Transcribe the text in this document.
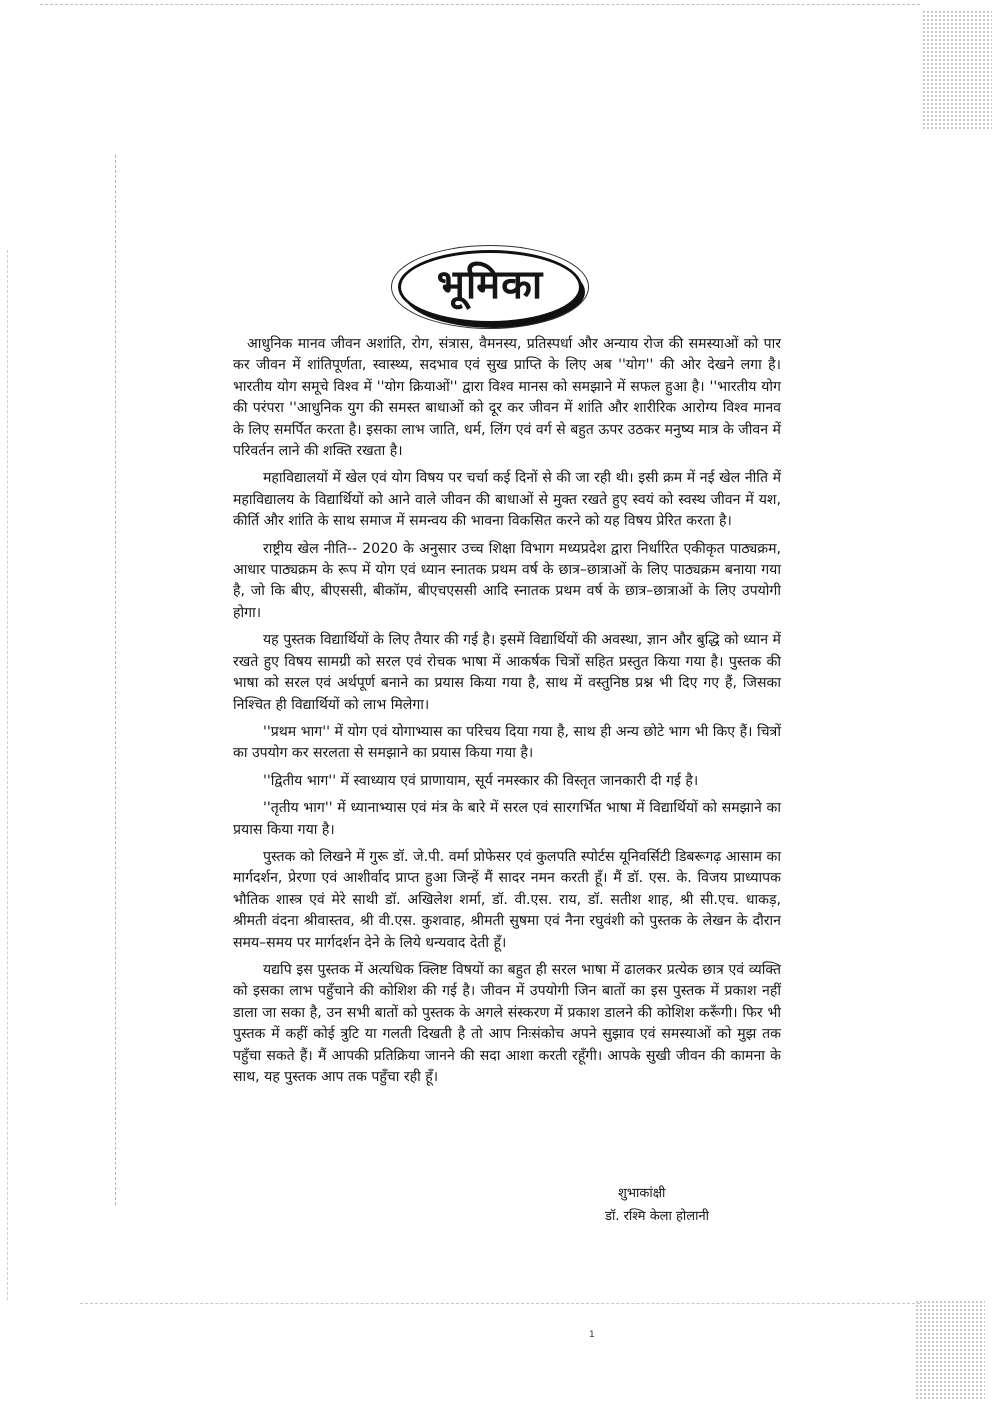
भूमिका

आधुनिक मानव जीवन अशांति, रोग, संत्रास, वैमनस्य, प्रतिस्पर्धा और अन्याय रोज की समस्याओं को पार कर जीवन में शांतिपूर्णता, स्वास्थ्य, सदभाव एवं सुख प्राप्ति के लिए अब ''योग'' की ओर देखने लगा है। भारतीय योग समूचे विश्व में ''योग क्रियाओं'' द्वारा विश्व मानस को समझाने में सफल हुआ है। ''भारतीय योग की परंपरा ''आधुनिक युग की समस्त बाधाओं को दूर कर जीवन में शांति और शारीरिक आरोग्य विश्व मानव के लिए समर्पित करता है। इसका लाभ जाति, धर्म, लिंग एवं वर्ग से बहुत ऊपर उठकर मनुष्य मात्र के जीवन में परिवर्तन लाने की शक्ति रखता है।

महाविद्यालयों में खेल एवं योग विषय पर चर्चा कई दिनों से की जा रही थी। इसी क्रम में नई खेल नीति में महाविद्यालय के विद्यार्थियों को आने वाले जीवन की बाधाओं से मुक्त रखते हुए स्वयं को स्वस्थ जीवन में यश, कीर्ति और शांति के साथ समाज में समन्वय की भावना विकसित करने को यह विषय प्रेरित करता है।

राष्ट्रीय खेल नीति-- 2020 के अनुसार उच्च शिक्षा विभाग मध्यप्रदेश द्वारा निर्धारित एकीकृत पाठ्यक्रम, आधार पाठ्यक्रम के रूप में योग एवं ध्यान स्नातक प्रथम वर्ष के छात्र–छात्राओं के लिए पाठ्यक्रम बनाया गया है, जो कि बीए, बीएससी, बीकॉम, बीएचएससी आदि स्नातक प्रथम वर्ष के छात्र–छात्राओं के लिए उपयोगी होगा।

यह पुस्तक विद्यार्थियों के लिए तैयार की गई है। इसमें विद्यार्थियों की अवस्था, ज्ञान और बुद्धि को ध्यान में रखते हुए विषय सामग्री को सरल एवं रोचक भाषा में आकर्षक चित्रों सहित प्रस्तुत किया गया है। पुस्तक की भाषा को सरल एवं अर्थपूर्ण बनाने का प्रयास किया गया है, साथ में वस्तुनिष्ठ प्रश्न भी दिए गए हैं, जिसका निश्चित ही विद्यार्थियों को लाभ मिलेगा।

''प्रथम भाग'' में योग एवं योगाभ्यास का परिचय दिया गया है, साथ ही अन्य छोटे भाग भी किए हैं। चित्रों का उपयोग कर सरलता से समझाने का प्रयास किया गया है।

''द्वितीय भाग'' में स्वाध्याय एवं प्राणायाम, सूर्य नमस्कार की विस्तृत जानकारी दी गई है।

''तृतीय भाग'' में ध्यानाभ्यास एवं मंत्र के बारे में सरल एवं सारगर्भित भाषा में विद्यार्थियों को समझाने का प्रयास किया गया है।

पुस्तक को लिखने में गुरू डॉ. जे.पी. वर्मा प्रोफेसर एवं कुलपति स्पोर्टस यूनिवर्सिटी डिबरूगढ़ आसाम का मार्गदर्शन, प्रेरणा एवं आशीर्वाद प्राप्त हुआ जिन्हें मैं सादर नमन करती हूँ। मैं डॉ. एस. के. विजय प्राध्यापक भौतिक शास्त्र एवं मेरे साथी डॉ. अखिलेश शर्मा, डॉ. वी.एस. राय, डॉ. सतीश शाह, श्री सी.एच. धाकड़, श्रीमती वंदना श्रीवास्तव, श्री वी.एस. कुशवाह, श्रीमती सुषमा एवं नैना रघुवंशी को पुस्तक के लेखन के दौरान समय–समय पर मार्गदर्शन देने के लिये धन्यवाद देती हूँ।

यद्यपि इस पुस्तक में अत्यधिक क्लिष्ट विषयों का बहुत ही सरल भाषा में ढालकर प्रत्येक छात्र एवं व्यक्ति को इसका लाभ पहुँचाने की कोशिश की गई है। जीवन में उपयोगी जिन बातों का इस पुस्तक में प्रकाश नहीं डाला जा सका है, उन सभी बातों को पुस्तक के अगले संस्करण में प्रकाश डालने की कोशिश करूँगी। फिर भी पुस्तक में कहीं कोई त्रुटि या गलती दिखती है तो आप निःसंकोच अपने सुझाव एवं समस्याओं को मुझ तक पहुँचा सकते हैं। मैं आपकी प्रतिक्रिया जानने की सदा आशा करती रहूँगी। आपके सुखी जीवन की कामना के साथ, यह पुस्तक आप तक पहुँचा रही हूँ।

शुभाकांक्षी
डॉ. रश्मि केला होलानी
1
